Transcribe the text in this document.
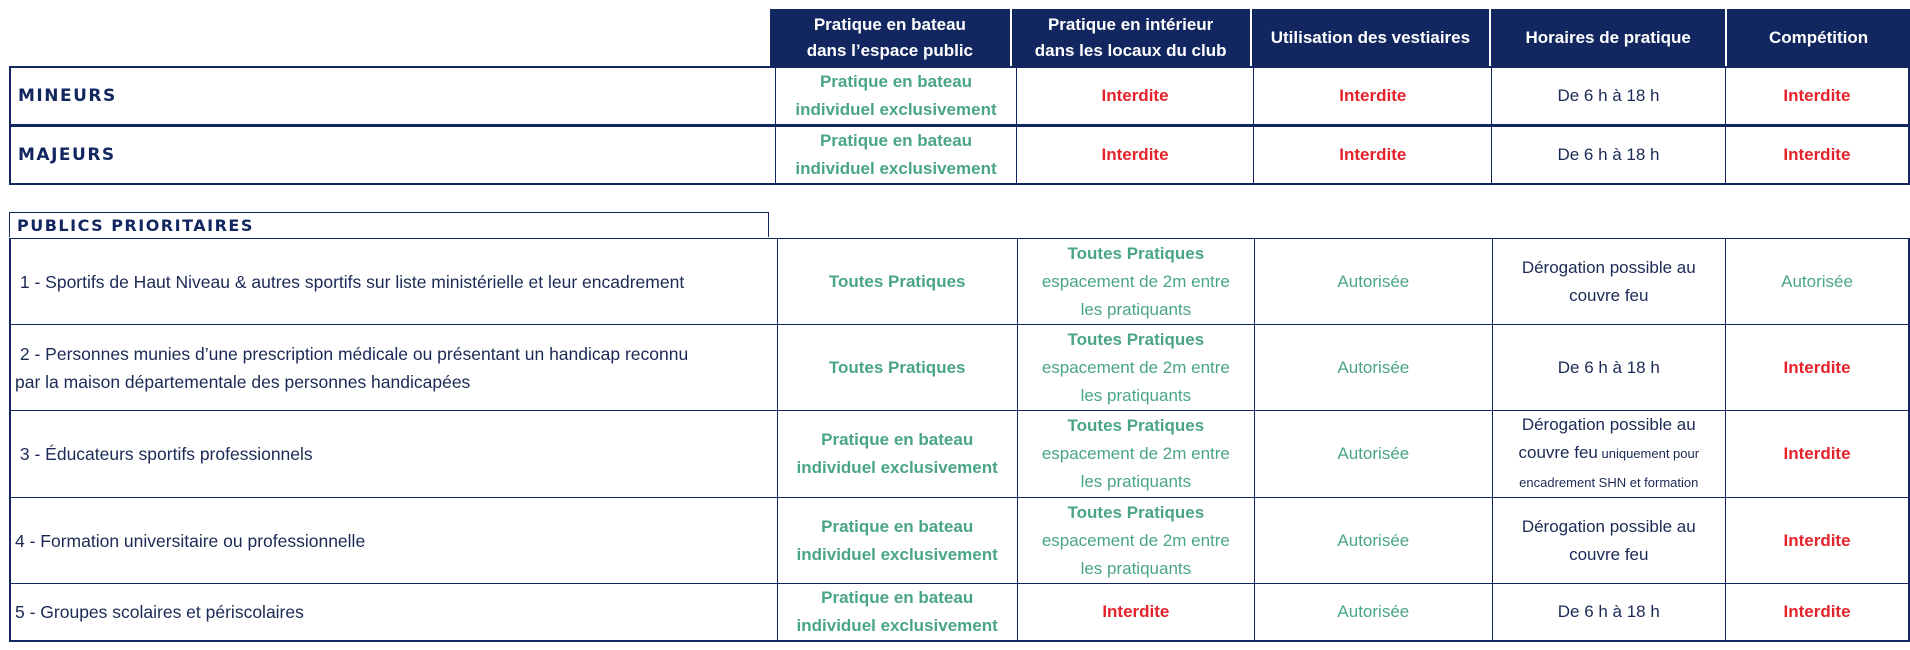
	Pratique en bateau
dans l’espace public	Pratique en intérieur
dans les locaux du club	Utilisation des vestiaires	Horaires de pratique	Compétition
MINEURS	Pratique en bateau
individuel exclusivement	Interdite	Interdite	De 6 h à 18 h	Interdite
MAJEURS	Pratique en bateau
individuel exclusivement	Interdite	Interdite	De 6 h à 18 h	Interdite
PUBLICS PRIORITAIRES
1 - Sportifs de Haut Niveau & autres sportifs sur liste ministérielle et leur encadrement	Toutes Pratiques	Toutes Pratiques
espacement de 2m entre
les pratiquants	Autorisée	Dérogation possible au
couvre feu	Autorisée
2 - Personnes munies d’une prescription médicale ou présentant un handicap reconnu
par la maison départementale des personnes handicapées	Toutes Pratiques	Toutes Pratiques
espacement de 2m entre
les pratiquants	Autorisée	De 6 h à 18 h	Interdite
3 - Éducateurs sportifs professionnels	Pratique en bateau
individuel exclusivement	Toutes Pratiques
espacement de 2m entre
les pratiquants	Autorisée	Dérogation possible au
couvre feu uniquement pour
encadrement SHN et formation	Interdite
4 - Formation universitaire ou professionnelle	Pratique en bateau
individuel exclusivement	Toutes Pratiques
espacement de 2m entre
les pratiquants	Autorisée	Dérogation possible au
couvre feu	Interdite
5 - Groupes scolaires et périscolaires	Pratique en bateau
individuel exclusivement	Interdite	Autorisée	De 6 h à 18 h	Interdite
